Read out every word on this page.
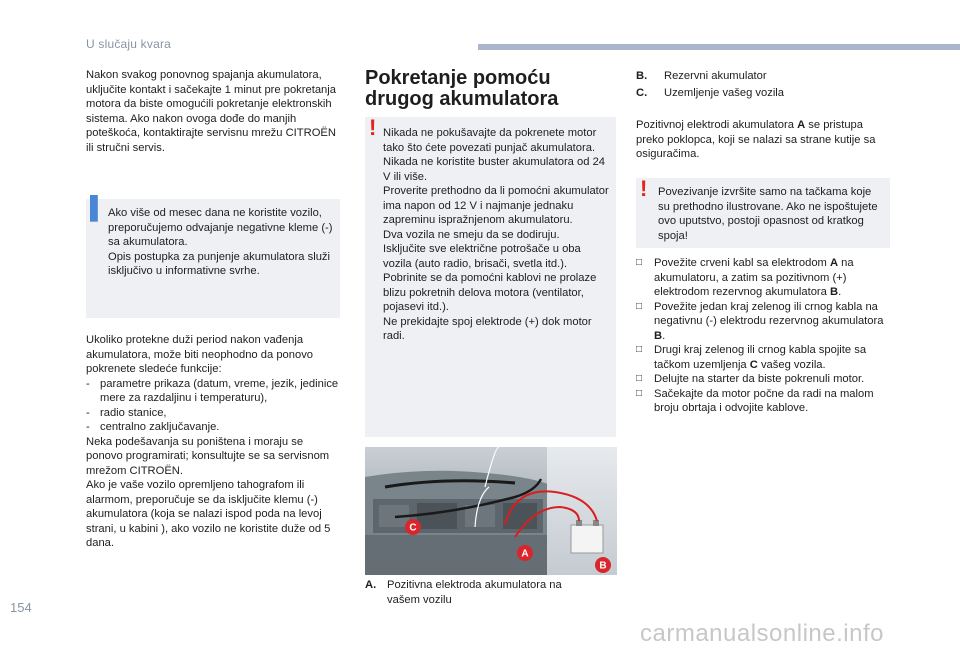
U slučaju kvara

Nakon svakog ponovnog spajanja akumulatora, uključite kontakt i sačekajte 1 minut pre pokretanja motora da biste omogućili pokretanje elektronskih sistema. Ako nakon ovoga dođe do manjih poteškoća, kontaktirajte servisnu mrežu CITROËN ili stručni servis.

▌ Ako više od mesec dana ne koristite vozilo, preporučujemo odvajanje negativne kleme (-) sa akumulatora.
Opis postupka za punjenje akumulatora služi isključivo u informativne svrhe.

Ukoliko protekne duži period nakon vađenja akumulatora, može biti neophodno da ponovo pokrenete sledeće funkcije:

- parametre prikaza (datum, vreme, jezik, jedinice mere za razdaljinu i temperaturu),
- radio stanice,
- centralno zaključavanje.

Neka podešavanja su poništena i moraju se ponovo programirati; konsultujte se sa servisnom mrežom CITROËN.
Ako je vaše vozilo opremljeno tahografom ili alarmom, preporučuje se da isključite klemu (-) akumulatora (koja se nalazi ispod poda na levoj strani, u kabini ), ako vozilo ne koristite duže od 5 dana.

Pokretanje pomoću drugog akumulatora
! Nikada ne pokušavajte da pokrenete motor tako što ćete povezati punjač akumulatora.
Nikada ne koristite buster akumulatora od 24 V ili više.
Proverite prethodno da li pomoćni akumulator ima napon od 12 V i najmanje jednaku zapreminu ispražnjenom akumulatoru.
Dva vozila ne smeju da se dodiruju.
Isključite sve električne potrošače u oba vozila (auto radio, brisači, svetla itd.).
Pobrinite se da pomoćni kablovi ne prolaze blizu pokretnih delova motora (ventilator, pojasevi itd.).
Ne prekidajte spoj elektrode (+) dok motor radi.
C
A
B
A. Pozitivna elektroda akumulatora na vašem vozilu
B. Rezervni akumulator
C. Uzemljenje vašeg vozila

Pozitivnoj elektrodi akumulatora A se pristupa preko poklopca, koji se nalazi sa strane kutije sa osiguračima.

! Povezivanje izvršite samo na tačkama koje su prethodno ilustrovane. Ako ne ispoštujete ovo uputstvo, postoji opasnost od kratkog spoja!
□ Povežite crveni kabl sa elektrodom A na akumulatoru, a zatim sa pozitivnom (+) elektrodom rezervnog akumulatora B.
□ Povežite jedan kraj zelenog ili crnog kabla na negativnu (-) elektrodu rezervnog akumulatora B.
□ Drugi kraj zelenog ili crnog kabla spojite sa tačkom uzemljenja C vašeg vozila.
□ Delujte na starter da biste pokrenuli motor.
□ Sačekajte da motor počne da radi na malom broju obrtaja i odvojite kablove.
154
carmanualsonline.info
